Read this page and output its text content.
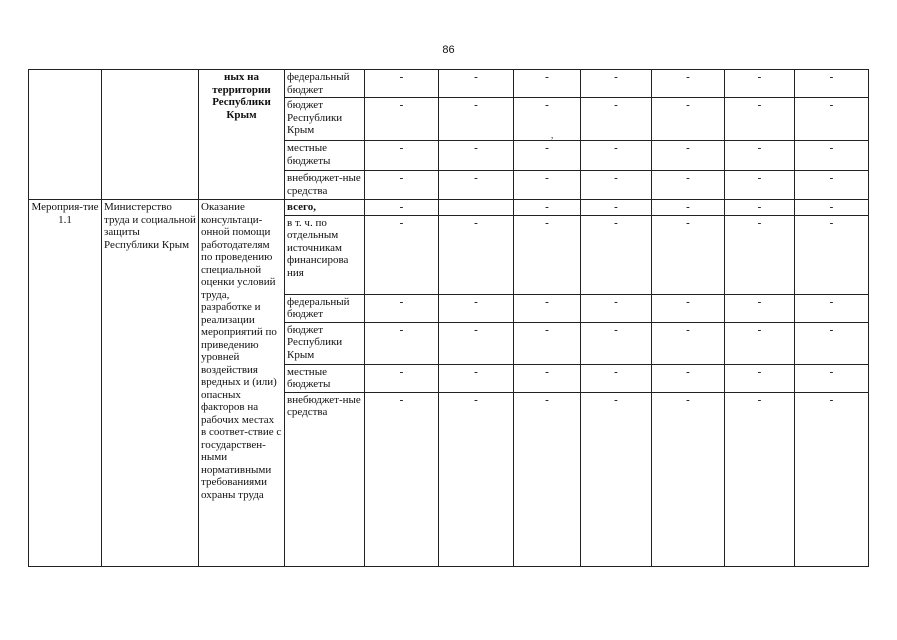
86
		ных на территории Республики Крым	федеральный бюджет	-	-	-	-	-	-	-
			бюджет Республики Крым	-	-	-	-	-	-	-
			местные бюджеты	-	-	-	-	-	-	-
			внебюджет-ные средства	-	-	-	-	-	-	-
Мероприя-тие 1.1	Министерство труда и социальной защиты Республики Крым	Оказание консультаци-онной помощи работодателям по проведению специальной оценки условий труда, разработке и реализации мероприятий по приведению уровней воздействия вредных и (или) опасных факторов на рабочих местах в соответ-ствие с государствен-ными нормативными требованиями охраны труда	всего,	-		-	-	-	-	-
			в т. ч. по отдельным источникам финансирова ния	-	-	-	-	-	-	-
			федеральный бюджет	-	-	-	-	-	-	-
			бюджет Республики Крым	-	-	-	-	-	-	-
			местные бюджеты	-	-	-	-	-	-	-
			внебюджет-ные средства	-	-	-	-	-	-	-
,
